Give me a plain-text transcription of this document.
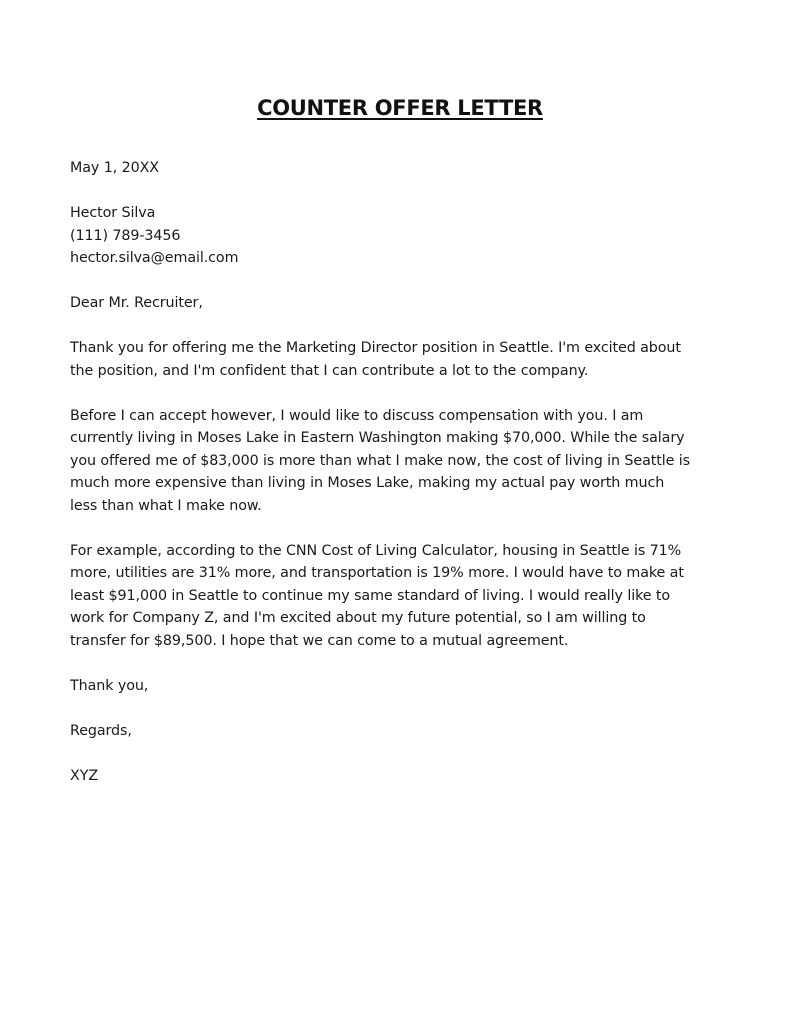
COUNTER OFFER LETTER
May 1, 20XX
Hector Silva
(111) 789-3456
hector.silva@email.com
Dear Mr. Recruiter,
Thank you for offering me the Marketing Director position in Seattle. I'm excited about
the position, and I'm confident that I can contribute a lot to the company.
Before I can accept however, I would like to discuss compensation with you. I am
currently living in Moses Lake in Eastern Washington making $70,000. While the salary
you offered me of $83,000 is more than what I make now, the cost of living in Seattle is
much more expensive than living in Moses Lake, making my actual pay worth much
less than what I make now.
For example, according to the CNN Cost of Living Calculator, housing in Seattle is 71%
more, utilities are 31% more, and transportation is 19% more. I would have to make at
least $91,000 in Seattle to continue my same standard of living. I would really like to
work for Company Z, and I'm excited about my future potential, so I am willing to
transfer for $89,500. I hope that we can come to a mutual agreement.
Thank you,
Regards,
XYZ
